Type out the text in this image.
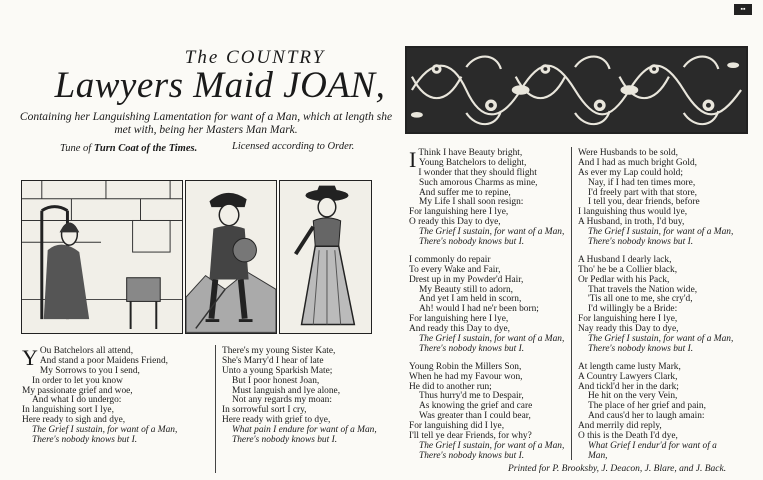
▪▪
The COUNTRY
Lawyers Maid JOAN,
Containing her Languishing Lamentation for want of a Man, which at length she met with, being her Masters Man Mark.
Tune of Turn Coat of the Times.	Licensed according to Order.
Y Ou Batchelors all attend,
And stand a poor Maidens Friend,
My Sorrows to you I send,
In order to let you know
My passionate grief and woe,
And what I do undergo:
In languishing sort I lye,
Here ready to sigh and dye,
The Grief I sustain, for want of a Man,
There's nobody knows but I.
There's my young Sister Kate,
She's Marry'd I hear of late
Unto a young Sparkish Mate;
But I poor honest Joan,
Must languish and lye alone,
Not any regards my moan:
In sorrowful sort I cry,
Here ready with grief to dye,
What pain I endure for want of a Man,
There's nobody knows but I.
I Think I have Beauty bright,
Young Batchelors to delight,
I wonder that they should flight
Such amorous Charms as mine,
And suffer me to repine,
My Life I shall soon resign:
For languishing here I lye,
O ready this Day to dye,
The Grief I sustain, for want of a Man,
There's nobody knows but I.
I commonly do repair
To every Wake and Fair,
Drest up in my Powder'd Hair,
My Beauty still to adorn,
And yet I am held in scorn,
Ah! would I had ne'r been born;
For languishing here I lye,
And ready this Day to dye,
The Grief I sustain, for want of a Man,
There's nobody knows but I.
Young Robin the Millers Son,
When he had my Favour won,
He did to another run;
Thus hurry'd me to Despair,
As knowing the grief and care
Was greater than I could bear,
For languishing did I lye,
I'll tell ye dear Friends, for why?
The Grief I sustain, for want of a Man,
There's nobody knows but I.
Were Husbands to be sold,
And I had as much bright Gold,
As ever my Lap could hold;
Nay, if I had ten times more,
I'd freely part with that store,
I tell you, dear friends, before
I languishing thus would lye,
A Husband, in troth, I'd buy,
The Grief I sustain, for want of a Man,
There's nobody knows but I.
A Husband I dearly lack,
Tho' he be a Collier black,
Or Pedlar with his Pack,
That travels the Nation wide,
'Tis all one to me, she cry'd,
I'd willingly be a Bride:
For languishing here I lye,
Nay ready this Day to dye,
The Grief I sustain, for want of a Man,
There's nobody knows but I.
At length came lusty Mark,
A Country Lawyers Clark,
And tickl'd her in the dark;
He hit on the very Vein,
The place of her grief and pain,
And caus'd her to laugh amain:
And merrily did reply,
O this is the Death I'd dye,
What Grief I endur'd for want of a
Man,
Printed for P. Brooksby, J. Deacon, J. Blare, and J. Back.
